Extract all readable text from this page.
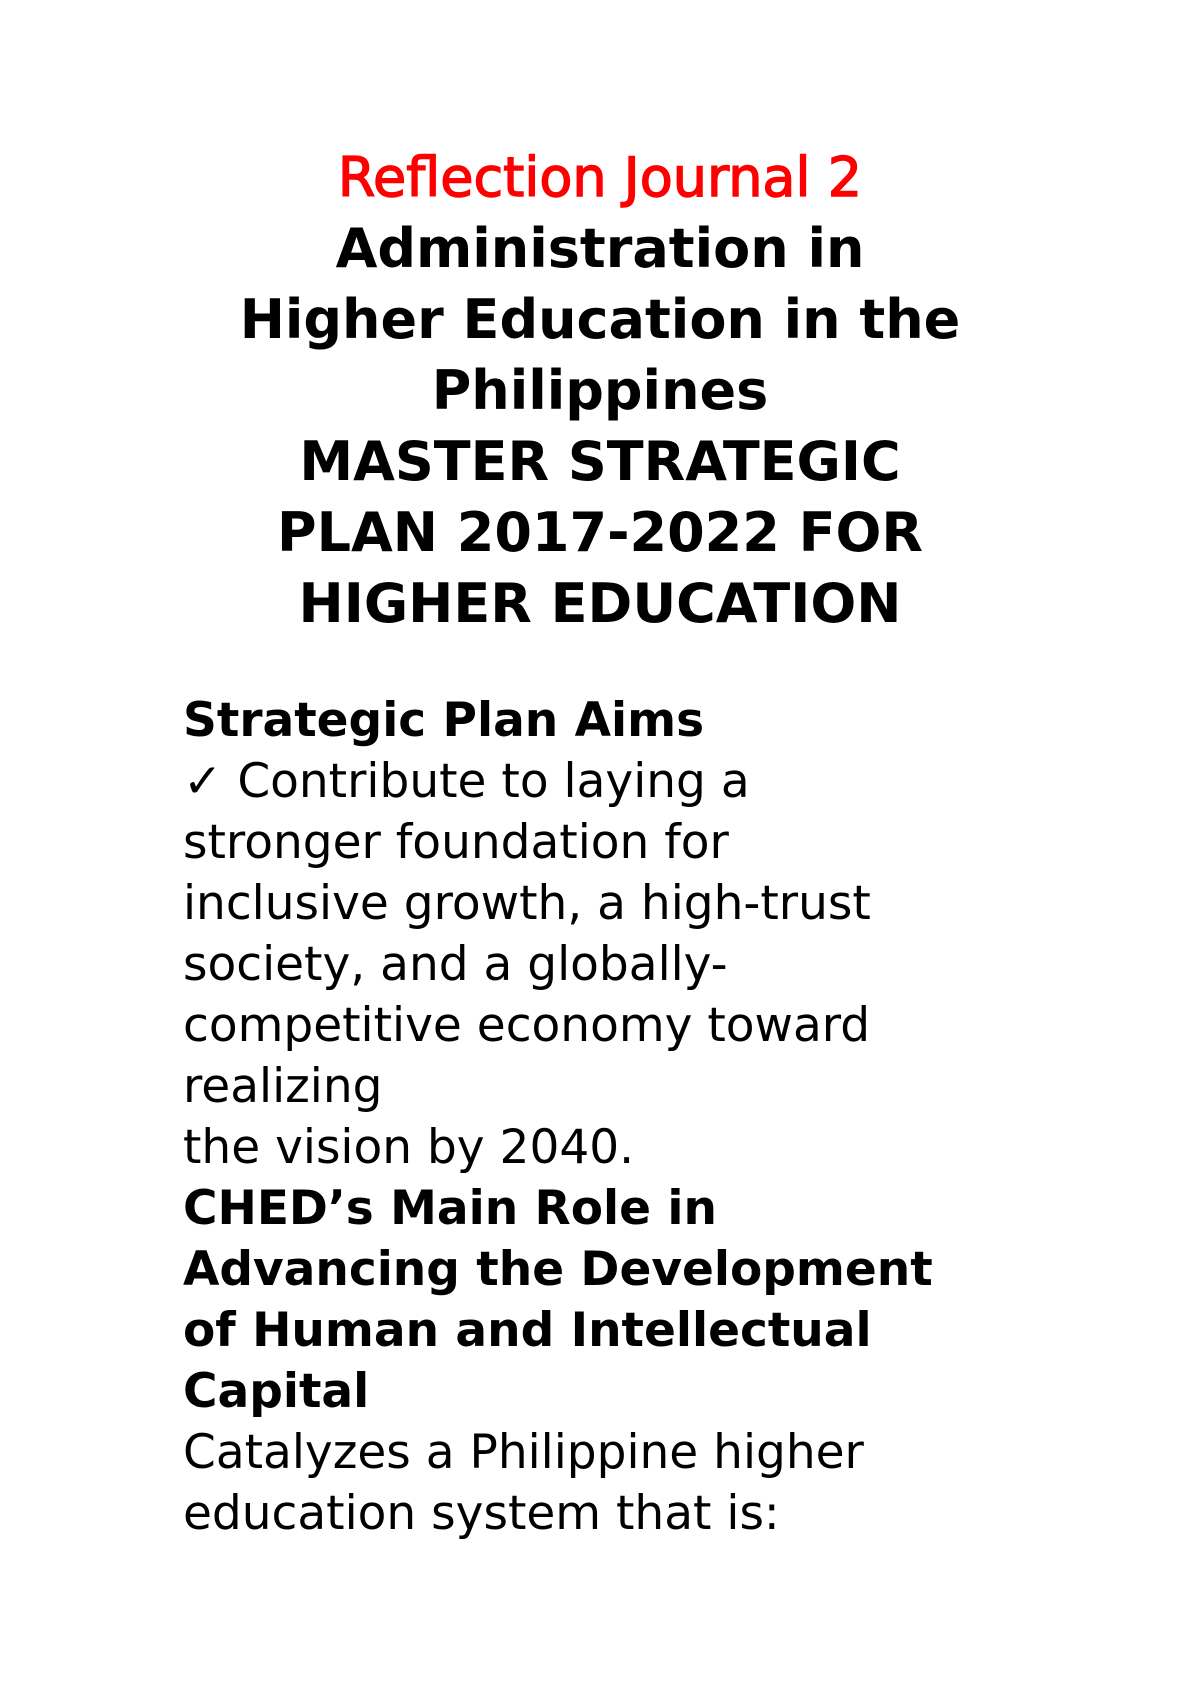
Reflection Journal 2
Administration in
Higher Education in the
Philippines
MASTER STRATEGIC
PLAN 2017-2022 FOR
HIGHER EDUCATION
Strategic Plan Aims
✓ Contribute to laying a
stronger foundation for
inclusive growth, a high-trust
society, and a globally-
competitive economy toward
realizing
the vision by 2040.
CHED’s Main Role in
Advancing the Development
of Human and Intellectual
Capital
Catalyzes a Philippine higher
education system that is:
